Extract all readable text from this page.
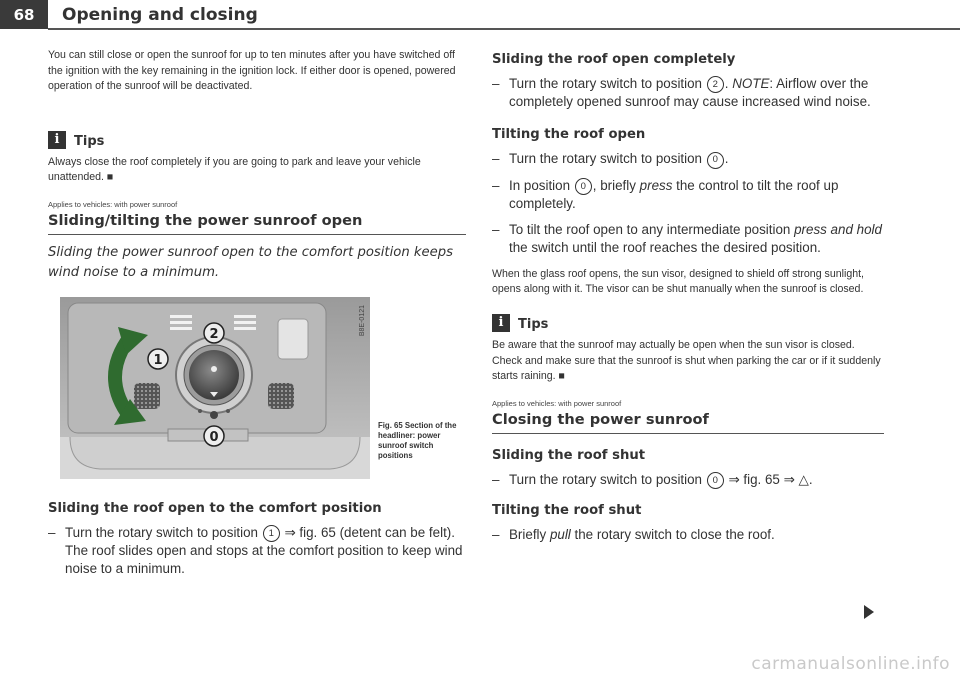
68	Opening and closing

You can still close or open the sunroof for up to ten minutes after you have switched off the ignition with the key remaining in the ignition lock. If either door is opened, powered operation of the sunroof will be deactivated.

i	Tips

Always close the roof completely if you are going to park and leave your vehicle unattended. ■

Applies to vehicles: with power sunroof

Sliding/tilting the power sunroof open

Sliding the power sunroof open to the comfort position keeps wind noise to a minimum.

2
1
0
B8E-0121
Fig. 65 Section of the headliner: power sunroof switch positions
Sliding the roof open to the comfort position

– Turn the rotary switch to position 1 ⇒ fig. 65 (detent can be felt). The roof slides open and stops at the comfort position to keep wind noise to a minimum.

Sliding the roof open completely

– Turn the rotary switch to position 2 . NOTE: Airflow over the completely opened sunroof may cause increased wind noise.

Tilting the roof open

– Turn the rotary switch to position 0 .

– In position 0 , briefly press the control to tilt the roof up completely.

– To tilt the roof open to any intermediate position press and hold the switch until the roof reaches the desired position.

When the glass roof opens, the sun visor, designed to shield off strong sunlight, opens along with it. The visor can be shut manually when the sunroof is closed.

i	Tips

Be aware that the sunroof may actually be open when the sun visor is closed. Check and make sure that the sunroof is shut when parking the car or if it suddenly starts raining. ■

Applies to vehicles: with power sunroof

Closing the power sunroof
Sliding the roof shut

– Turn the rotary switch to position 0 ⇒ fig. 65 ⇒ △.

Tilting the roof shut

– Briefly pull the rotary switch to close the roof.

carmanualsonline.info
